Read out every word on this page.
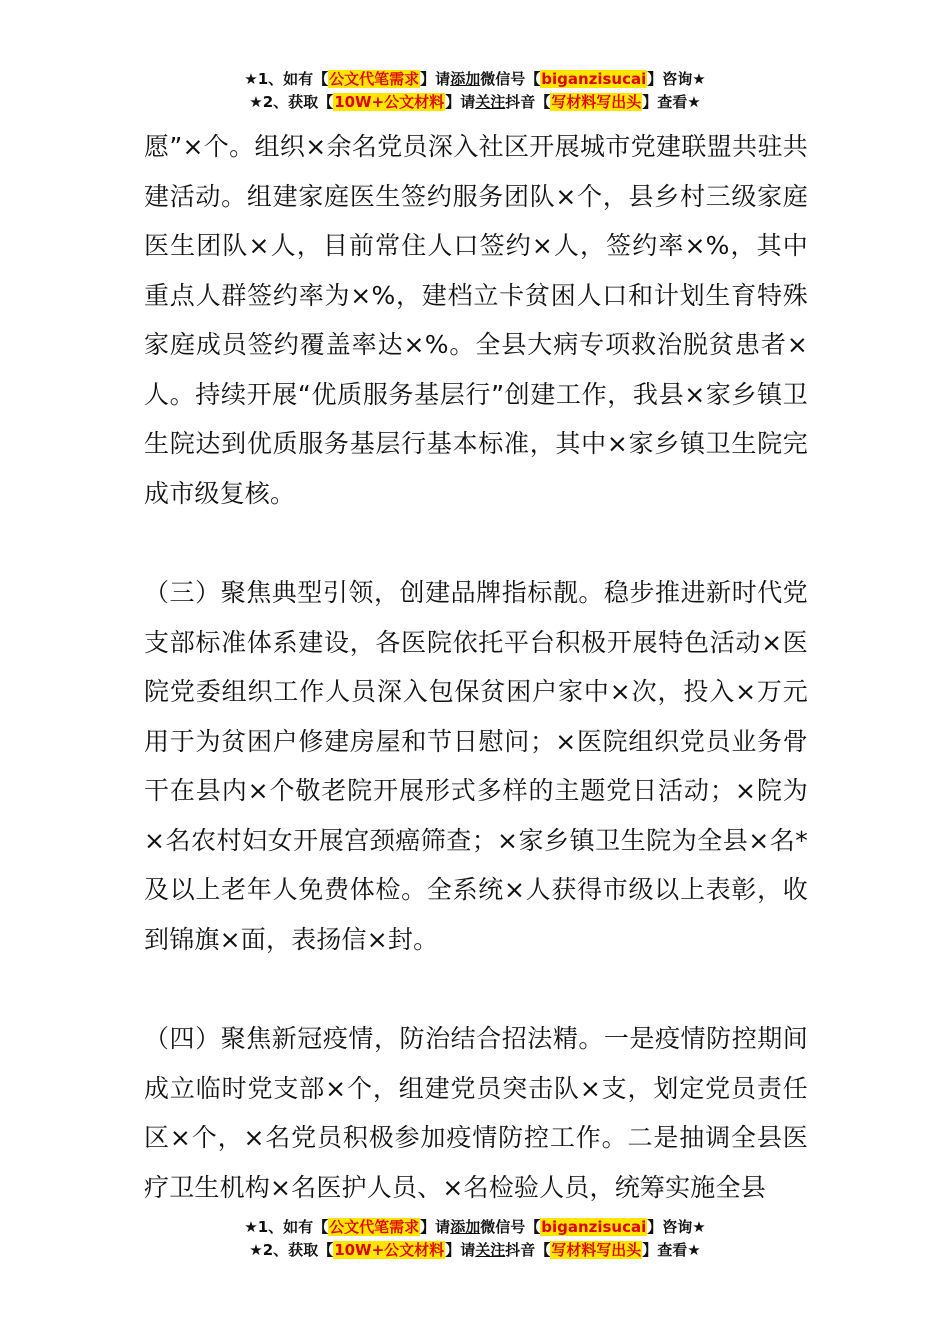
★1、如有【公文代笔需求】请添加微信号【biganzisucai】咨询★
★2、获取【10W+公文材料】请关注抖音【写材料写出头】查看★

愿”×个。组织×余名党员深入社区开展城市党建联盟共驻共建活动。组建家庭医生签约服务团队×个，县乡村三级家庭医生团队×人，目前常住人口签约×人，签约率×%，其中重点人群签约率为×%，建档立卡贫困人口和计划生育特殊家庭成员签约覆盖率达×%。全县大病专项救治脱贫患者×人。持续开展“优质服务基层行”创建工作，我县×家乡镇卫生院达到优质服务基层行基本标准，其中×家乡镇卫生院完成市级复核。

（三）聚焦典型引领，创建品牌指标靓。稳步推进新时代党支部标准体系建设，各医院依托平台积极开展特色活动×医院党委组织工作人员深入包保贫困户家中×次，投入×万元用于为贫困户修建房屋和节日慰问；×医院组织党员业务骨干在县内×个敬老院开展形式多样的主题党日活动；×院为×名农村妇女开展宫颈癌筛查；×家乡镇卫生院为全县×名*及以上老年人免费体检。全系统×人获得市级以上表彰，收到锦旗×面，表扬信×封。

（四）聚焦新冠疫情，防治结合招法精。一是疫情防控期间成立临时党支部×个，组建党员突击队×支，划定党员责任区×个，×名党员积极参加疫情防控工作。二是抽调全县医疗卫生机构×名医护人员、×名检验人员，统筹实施全县

★1、如有【公文代笔需求】请添加微信号【biganzisucai】咨询★
★2、获取【10W+公文材料】请关注抖音【写材料写出头】查看★
